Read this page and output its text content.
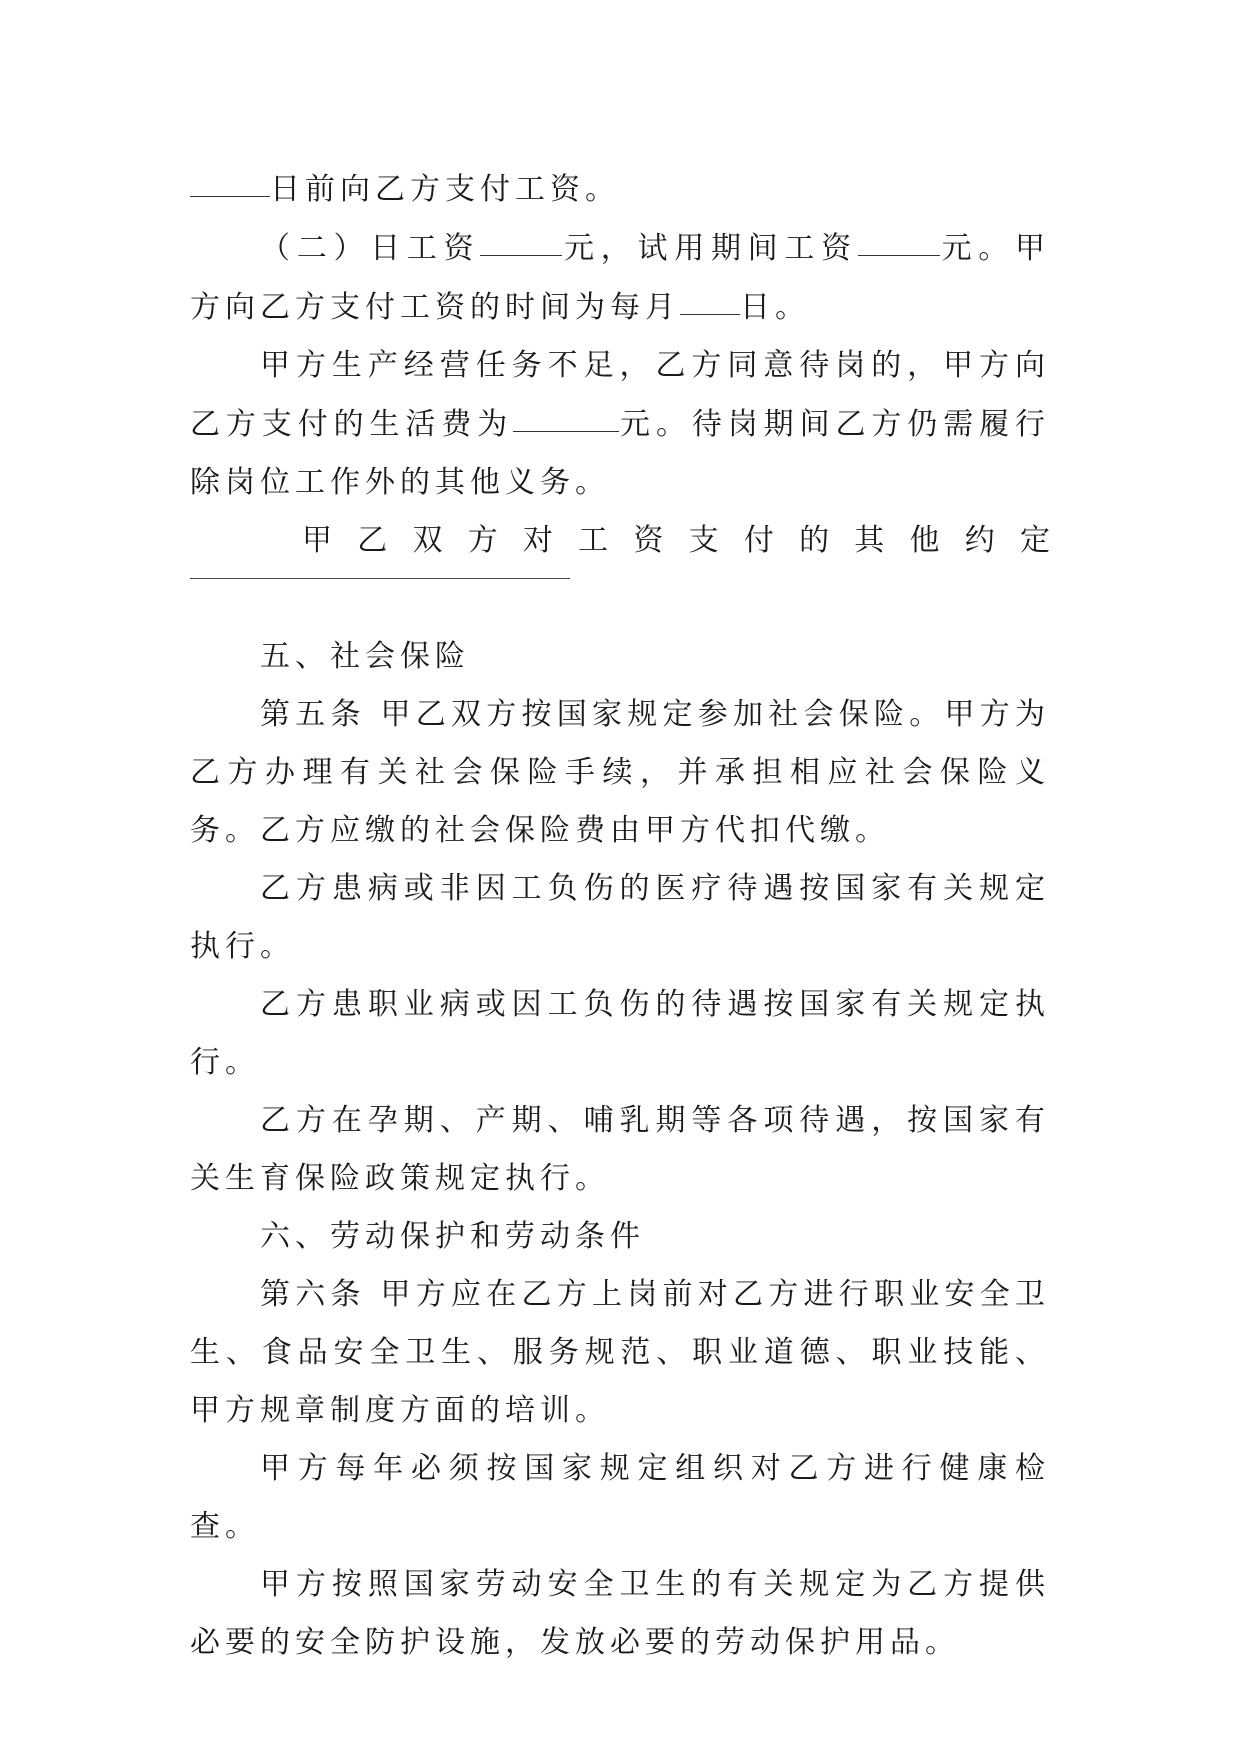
日前向乙方支付工资。

（二）日工资	元，试用期间工资	元。甲方向乙方支付工资的时间为每月 日。

甲方生产经营任务不足，乙方同意待岗的，甲方向乙方支付的生活费为	元。待岗期间乙方仍需履行除岗位工作外的其他义务。

甲乙双方对工资支付的其他约定

五、社会保险

第五条 甲乙双方按国家规定参加社会保险。甲方为乙方办理有关社会保险手续，并承担相应社会保险义务。乙方应缴的社会保险费由甲方代扣代缴。

乙方患病或非因工负伤的医疗待遇按国家有关规定执行。

乙方患职业病或因工负伤的待遇按国家有关规定执行。

乙方在孕期、产期、哺乳期等各项待遇，按国家有关生育保险政策规定执行。

六、劳动保护和劳动条件

第六条 甲方应在乙方上岗前对乙方进行职业安全卫生、食品安全卫生、服务规范、职业道德、职业技能、甲方规章制度方面的培训。

甲方每年必须按国家规定组织对乙方进行健康检查。

甲方按照国家劳动安全卫生的有关规定为乙方提供必要的安全防护设施，发放必要的劳动保护用品。
